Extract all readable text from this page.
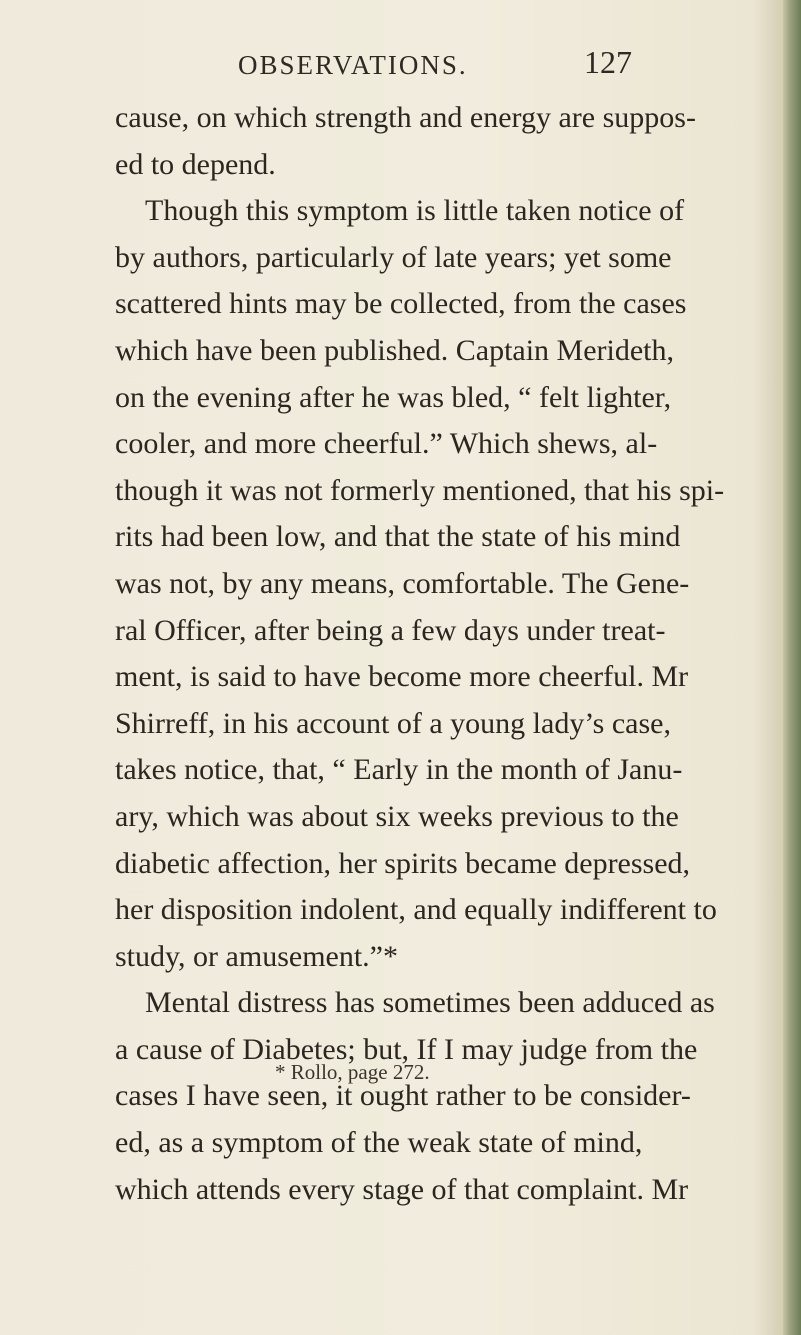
OBSERVATIONS.	127
cause, on which strength and energy are suppos-
ed to depend.
Though this symptom is little taken notice of
by authors, particularly of late years; yet some
scattered hints may be collected, from the cases
which have been published. Captain Merideth,
on the evening after he was bled, “ felt lighter,
cooler, and more cheerful.” Which shews, al-
though it was not formerly mentioned, that his spi-
rits had been low, and that the state of his mind
was not, by any means, comfortable. The Gene-
ral Officer, after being a few days under treat-
ment, is said to have become more cheerful. Mr
Shirreff, in his account of a young lady’s case,
takes notice, that, “ Early in the month of Janu-
ary, which was about six weeks previous to the
diabetic affection, her spirits became depressed,
her disposition indolent, and equally indifferent to
study, or amusement.”*
Mental distress has sometimes been adduced as
a cause of Diabetes; but, If I may judge from the
cases I have seen, it ought rather to be consider-
ed, as a symptom of the weak state of mind,
which attends every stage of that complaint. Mr
* Rollo, page 272.
